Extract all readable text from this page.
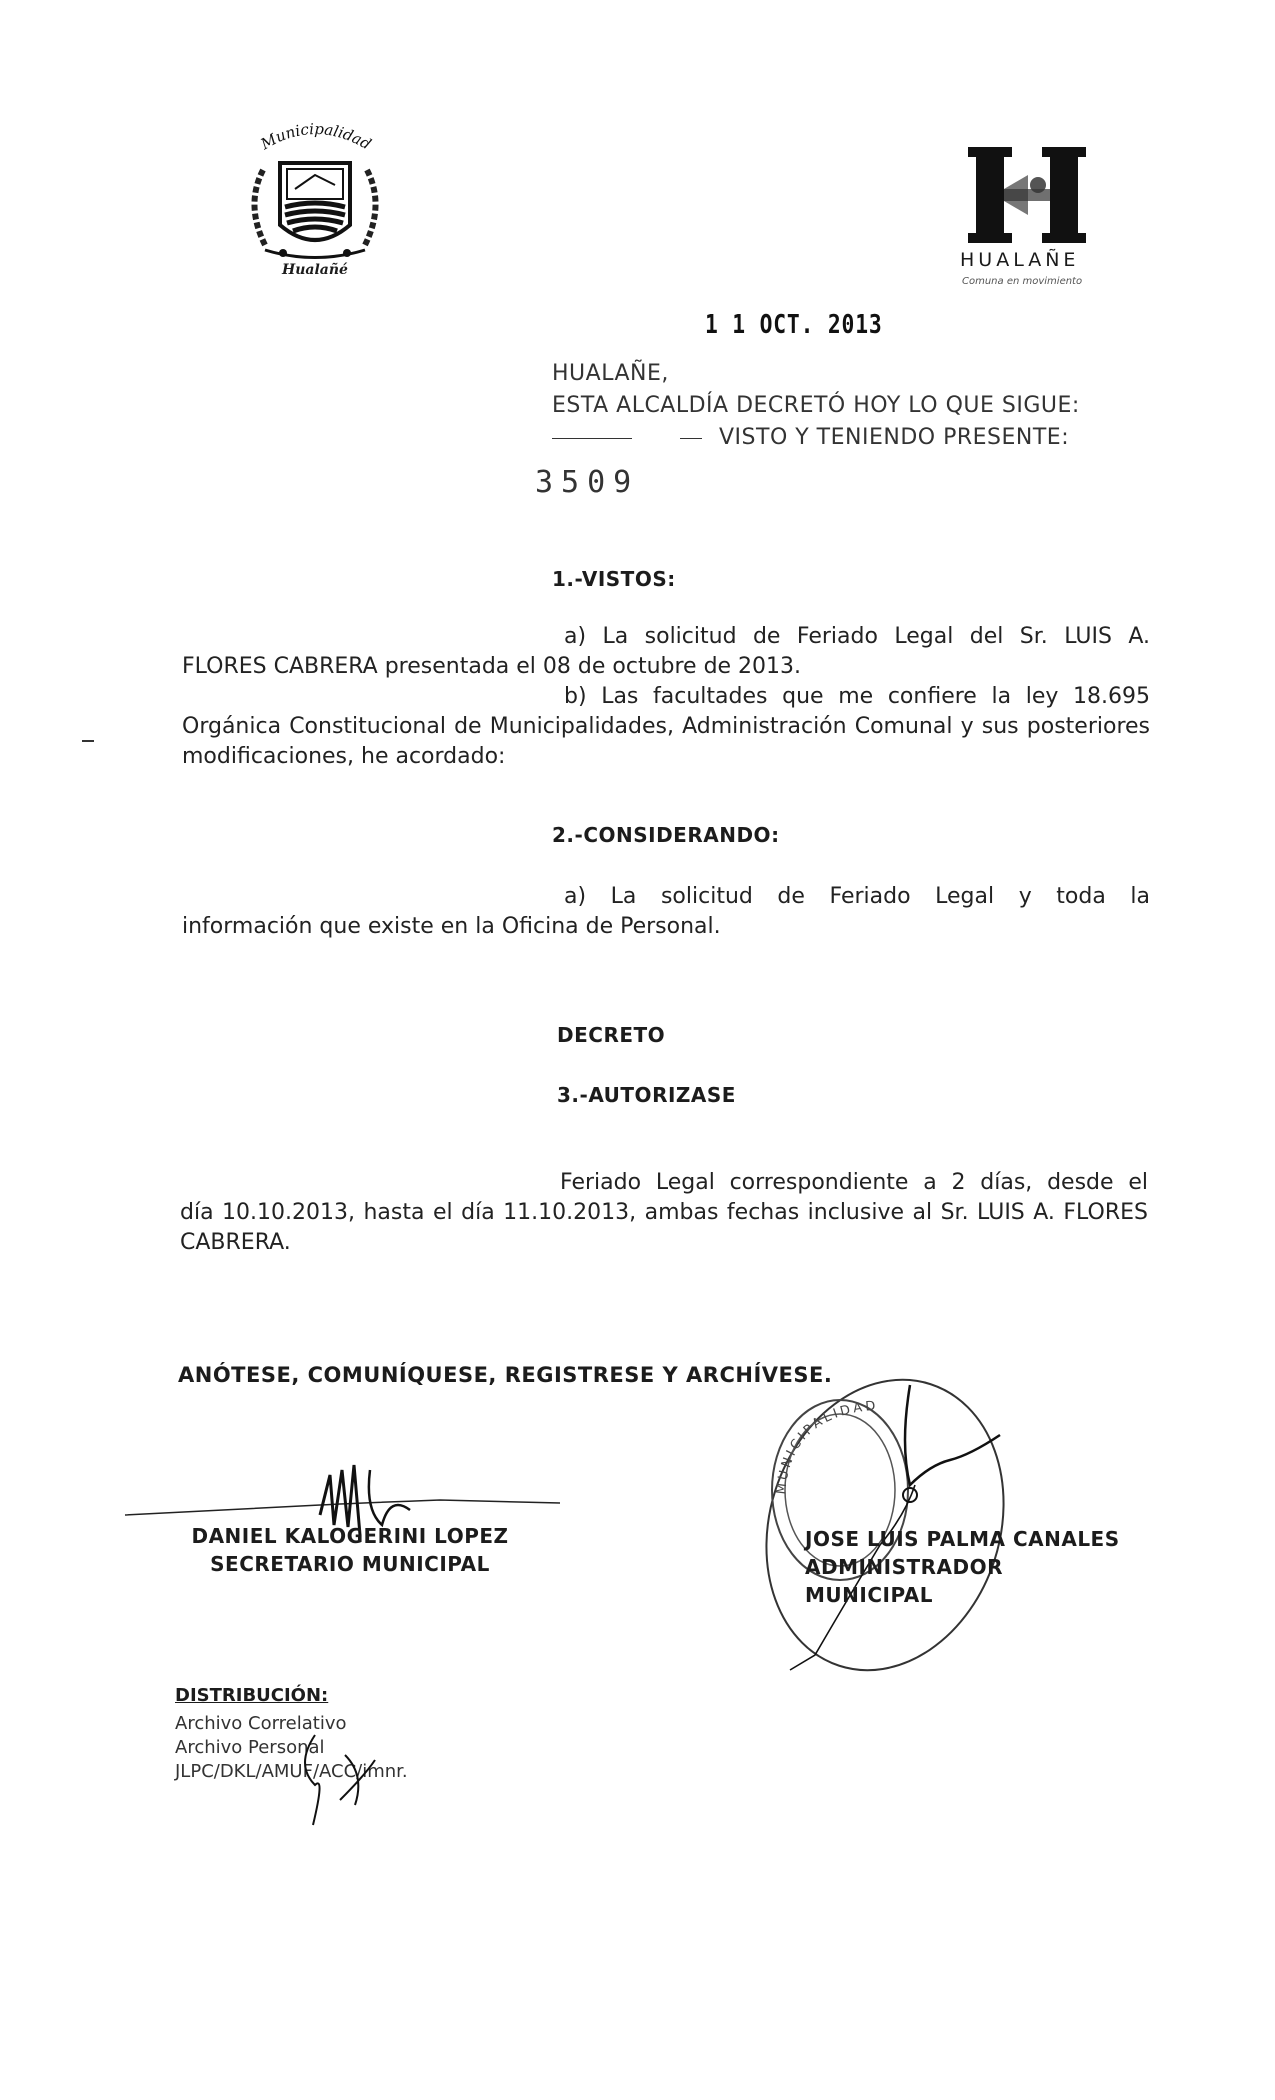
Municipalidad
Hualañé	HUALAÑE
Comuna en movimiento
1 1 OCT. 2013
HUALAÑE,
ESTA ALCALDÍA DECRETÓ HOY LO QUE SIGUE:
VISTO Y TENIENDO PRESENTE:
3509
1.-VISTOS:
a) La solicitud de Feriado Legal del Sr. LUIS A.
FLORES CABRERA presentada el 08 de octubre de 2013.
b) Las facultades que me confiere la ley 18.695
Orgánica Constitucional de Municipalidades, Administración Comunal y sus posteriores modificaciones, he acordado:
2.-CONSIDERANDO:
a) La solicitud de Feriado Legal y toda la
información que existe en la Oficina de Personal.
DECRETO
3.-AUTORIZASE
Feriado Legal correspondiente a 2 días, desde el
día 10.10.2013, hasta el día 11.10.2013, ambas fechas inclusive al Sr. LUIS A. FLORES CABRERA.
ANÓTESE, COMUNÍQUESE, REGISTRESE Y ARCHÍVESE.
DANIEL KALOGERINI LOPEZ
SECRETARIO MUNICIPAL
MUNICIPALIDAD
JOSE LUIS PALMA CANALES
ADMINISTRADOR MUNICIPAL
DISTRIBUCIÓN:
Archivo Correlativo
Archivo Personal
JLPC/DKL/AMUF/ACC/imnr.
